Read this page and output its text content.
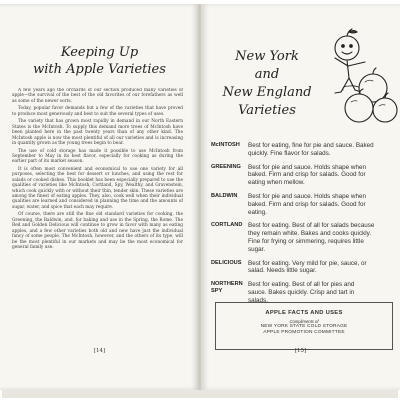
Keeping Up
with Apple Varieties

A few years ago the orchards of our section produced many varieties of apple—the survival of the best of the old favorites of our forefathers as well as some of the newer sorts.

Today, popular favor demands but a few of the varieties that have proved to produce most generously and best to suit the several types of uses.

The variety that has grown most rapidly in demand in our North Eastern States is the McIntosh. To supply this demand more trees of McIntosh have been planted here in the past twenty years than of any other kind. The McIntosh apple is now the most plentiful of all our varieties and is increasing in quantity grown as the young trees begin to bear.

The use of cold storage has made it possible to use McIntosh from September to May in its best flavor, especially for cooking as during the earlier part of its market season.

It is often most convenient and economical to use one variety for all purposes, selecting the best for dessert or lunches, and using the rest for salads or cooked dishes. This booklet has been especially prepared to use the qualities of varieties like McIntosh, Cortland, Spy, Wealthy, and Gravenstein, which cook quickly with or without their thin, tender skin. These varieties are among the finest of eating apples. They, also, cook well when their individual qualities are learned and considered in planning the time and the amounts of sugar, water, and spice that each may require.

Of course, there are still the fine old standard varieties for cooking, the Greening, the Baldwin, and, for baking and use in the Spring, the Rome. The Red and Golden Delicious will continue to grow in favor with many as eating apples, and a few other varieties both old and new have just the individual fancy of some people. The McIntosh, however, and the others of its type, will be the most plentiful in our markets and may be the most economical for general family use.

[14]
New York
and
New England
Varieties
McINTOSH	Best for eating, fine for pie and sauce. Baked
quickly. Fine flavor for salads.
GREENING	Best for pie and sauce. Holds shape when
baked. Firm and crisp for salads. Good for
eating when mellow.
BALDWIN	Best for pie and sauce. Holds shape when
baked. Firm and crisp for salads. Good for
eating.
CORTLAND Best for eating. Best of all for salads because
they remain white. Bakes and cooks quickly.
Fine for frying or simmering, requires little
sugar.
DELICIOUS	Best for eating. Very mild for pie, sauce, or
salad. Needs little sugar.
NORTHERN SPY
Best for eating. Best of all for pies and
sauce. Bakes quickly. Crisp and tart in
salads.
APPLE FACTS AND USES
Compliments of
NEW YORK STATE COLD STORAGE
APPLE PROMOTION COMMITTEE
[15]
